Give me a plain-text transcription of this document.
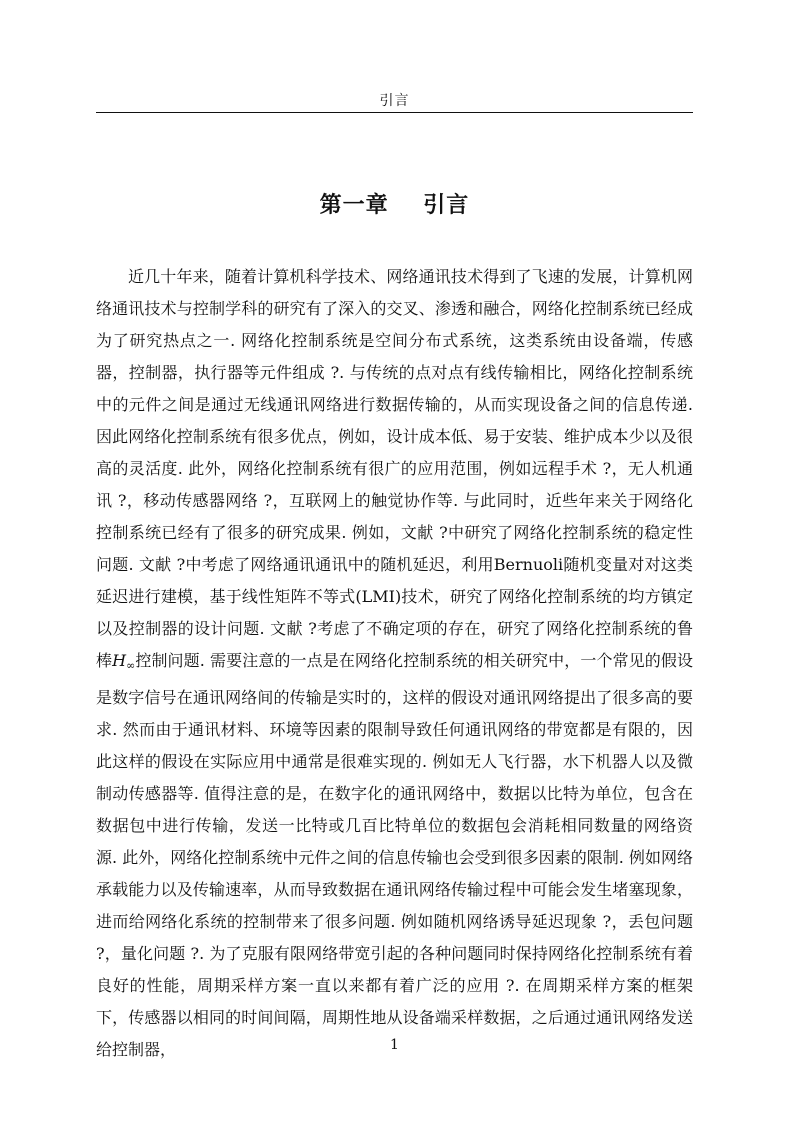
引言
第一章    引言

近几十年来，随着计算机科学技术、网络通讯技术得到了飞速的发展，计算机网络通讯技术与控制学科的研究有了深入的交叉、渗透和融合，网络化控制系统已经成为了研究热点之一. 网络化控制系统是空间分布式系统，这类系统由设备端，传感器，控制器，执行器等元件组成 ?. 与传统的点对点有线传输相比，网络化控制系统中的元件之间是通过无线通讯网络进行数据传输的，从而实现设备之间的信息传递. 因此网络化控制系统有很多优点，例如，设计成本低、易于安装、维护成本少以及很高的灵活度. 此外，网络化控制系统有很广的应用范围，例如远程手术 ?，无人机通讯 ?，移动传感器网络 ?，互联网上的触觉协作等. 与此同时，近些年来关于网络化控制系统已经有了很多的研究成果. 例如，文献 ?中研究了网络化控制系统的稳定性问题. 文献 ?中考虑了网络通讯通讯中的随机延迟，利用Bernuoli随机变量对对这类延迟进行建模，基于线性矩阵不等式(LMI)技术，研究了网络化控制系统的均方镇定以及控制器的设计问题. 文献 ?考虑了不确定项的存在，研究了网络化控制系统的鲁棒H∞控制问题. 需要注意的一点是在网络化控制系统的相关研究中，一个常见的假设是数字信号在通讯网络间的传输是实时的，这样的假设对通讯网络提出了很多高的要求. 然而由于通讯材料、环境等因素的限制导致任何通讯网络的带宽都是有限的，因此这样的假设在实际应用中通常是很难实现的. 例如无人飞行器，水下机器人以及微制动传感器等. 值得注意的是，在数字化的通讯网络中，数据以比特为单位，包含在数据包中进行传输，发送一比特或几百比特单位的数据包会消耗相同数量的网络资源. 此外，网络化控制系统中元件之间的信息传输也会受到很多因素的限制. 例如网络承载能力以及传输速率，从而导致数据在通讯网络传输过程中可能会发生堵塞现象，进而给网络化系统的控制带来了很多问题. 例如随机网络诱导延迟现象 ?，丢包问题 ?，量化问题 ?. 为了克服有限网络带宽引起的各种问题同时保持网络化控制系统有着良好的性能，周期采样方案一直以来都有着广泛的应用 ?. 在周期采样方案的框架下，传感器以相同的时间间隔，周期性地从设备端采样数据，之后通过通讯网络发送给控制器，	1
